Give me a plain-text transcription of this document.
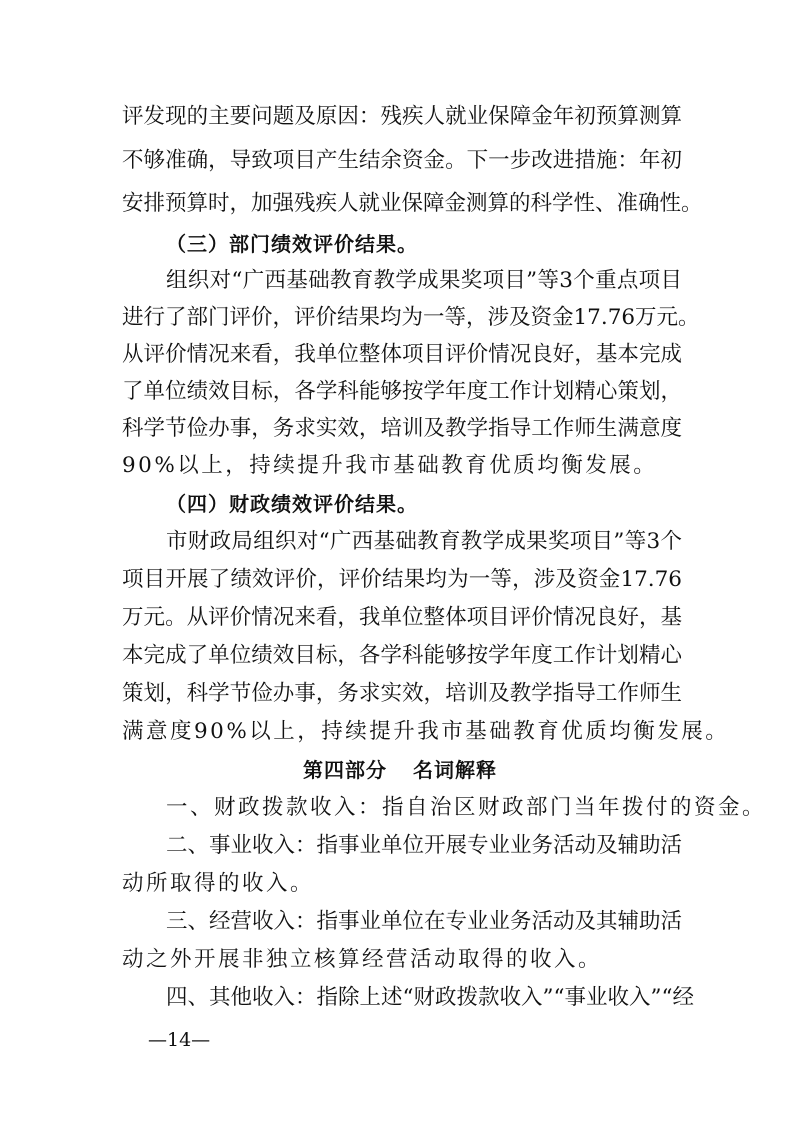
评发现的主要问题及原因：残疾人就业保障金年初预算测算
不够准确，导致项目产生结余资金。下一步改进措施：年初
安排预算时，加强残疾人就业保障金测算的科学性、准确性。
（三）部门绩效评价结果。
组织对“广西基础教育教学成果奖项目”等3个重点项目
进行了部门评价，评价结果均为一等，涉及资金17.76万元。
从评价情况来看，我单位整体项目评价情况良好，基本完成
了单位绩效目标，各学科能够按学年度工作计划精心策划，
科学节俭办事，务求实效，培训及教学指导工作师生满意度
90%以上，持续提升我市基础教育优质均衡发展。
（四）财政绩效评价结果。
市财政局组织对“广西基础教育教学成果奖项目”等3个
项目开展了绩效评价，评价结果均为一等，涉及资金17.76
万元。从评价情况来看，我单位整体项目评价情况良好，基
本完成了单位绩效目标，各学科能够按学年度工作计划精心
策划，科学节俭办事，务求实效，培训及教学指导工作师生
满意度90%以上，持续提升我市基础教育优质均衡发展。
第四部分 名词解释
一、财政拨款收入：指自治区财政部门当年拨付的资金。
二、事业收入：指事业单位开展专业业务活动及辅助活
动所取得的收入。
三、经营收入：指事业单位在专业业务活动及其辅助活
动之外开展非独立核算经营活动取得的收入。
四、其他收入：指除上述“财政拨款收入”“事业收入”“经
—14—
